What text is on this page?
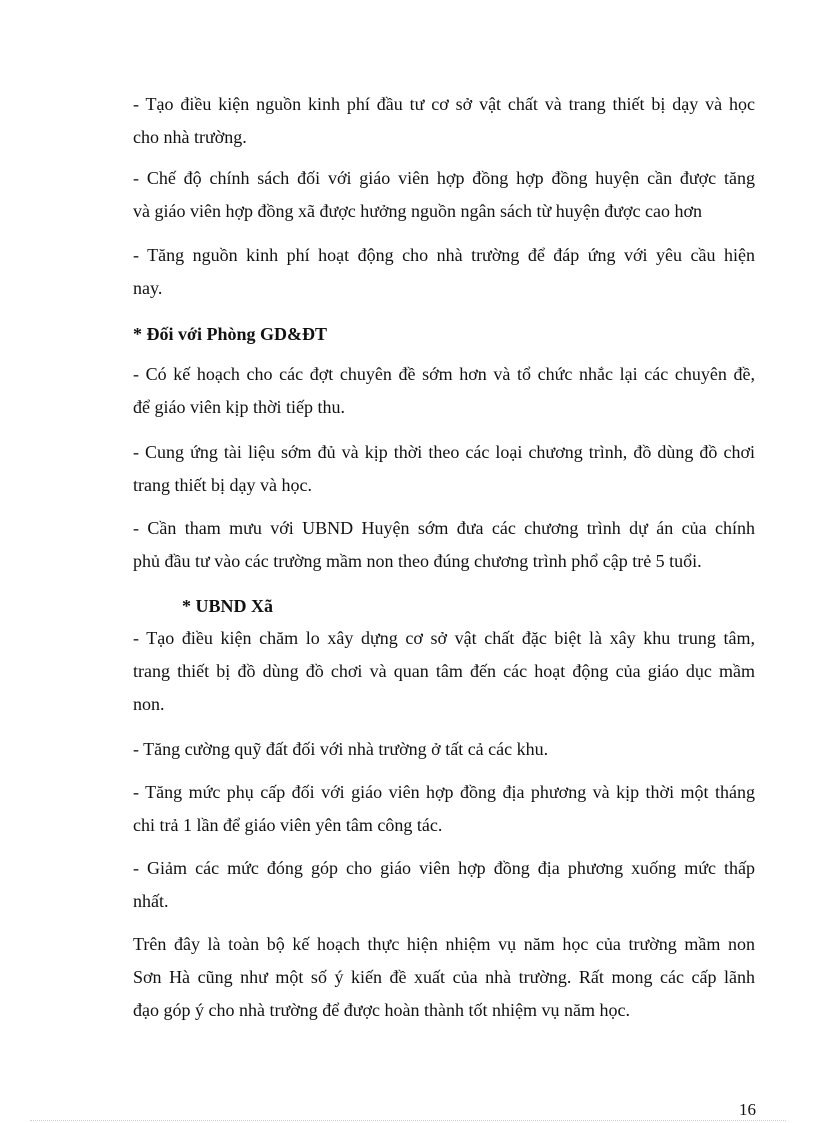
- Tạo điều kiện nguồn kinh phí đầu tư cơ sở vật chất và trang thiết bị dạy và học
cho nhà trường.
- Chế độ chính sách đối với giáo viên hợp đồng hợp đồng huyện cần được tăng
và giáo viên hợp đồng xã được hưởng nguồn ngân sách từ huyện được cao hơn
- Tăng nguồn kinh phí hoạt động cho nhà trường để đáp ứng với yêu cầu hiện
nay.
* Đối với Phòng GD&ĐT
- Có kế hoạch cho các đợt chuyên đề sớm hơn và tổ chức nhắc lại các chuyên đề,
để giáo viên kịp thời tiếp thu.
- Cung ứng tài liệu sớm đủ và kịp thời theo các loại chương trình, đồ dùng đồ chơi
trang thiết bị dạy và học.
- Cần tham mưu với UBND Huyện sớm đưa các chương trình dự án của chính
phủ đầu tư vào các trường mầm non theo đúng chương trình phổ cập trẻ 5 tuổi.
* UBND Xã
- Tạo điều kiện chăm lo xây dựng cơ sở vật chất đặc biệt là xây khu trung tâm,
trang thiết bị đồ dùng đồ chơi và quan tâm đến các hoạt động của giáo dục mầm
non.
- Tăng cường quỹ đất đối với nhà trường ở tất cả các khu.
- Tăng mức phụ cấp đối với giáo viên hợp đồng địa phương và kịp thời một tháng
chi trả 1 lần để giáo viên yên tâm công tác.
- Giảm các mức đóng góp cho giáo viên hợp đồng địa phương xuống mức thấp
nhất.
Trên đây là toàn bộ kế hoạch thực hiện nhiệm vụ năm học của trường mầm non
Sơn Hà cũng như một số ý kiến đề xuất của nhà trường. Rất mong các cấp lãnh
đạo góp ý cho nhà trường để được hoàn thành tốt nhiệm vụ năm học.
16
